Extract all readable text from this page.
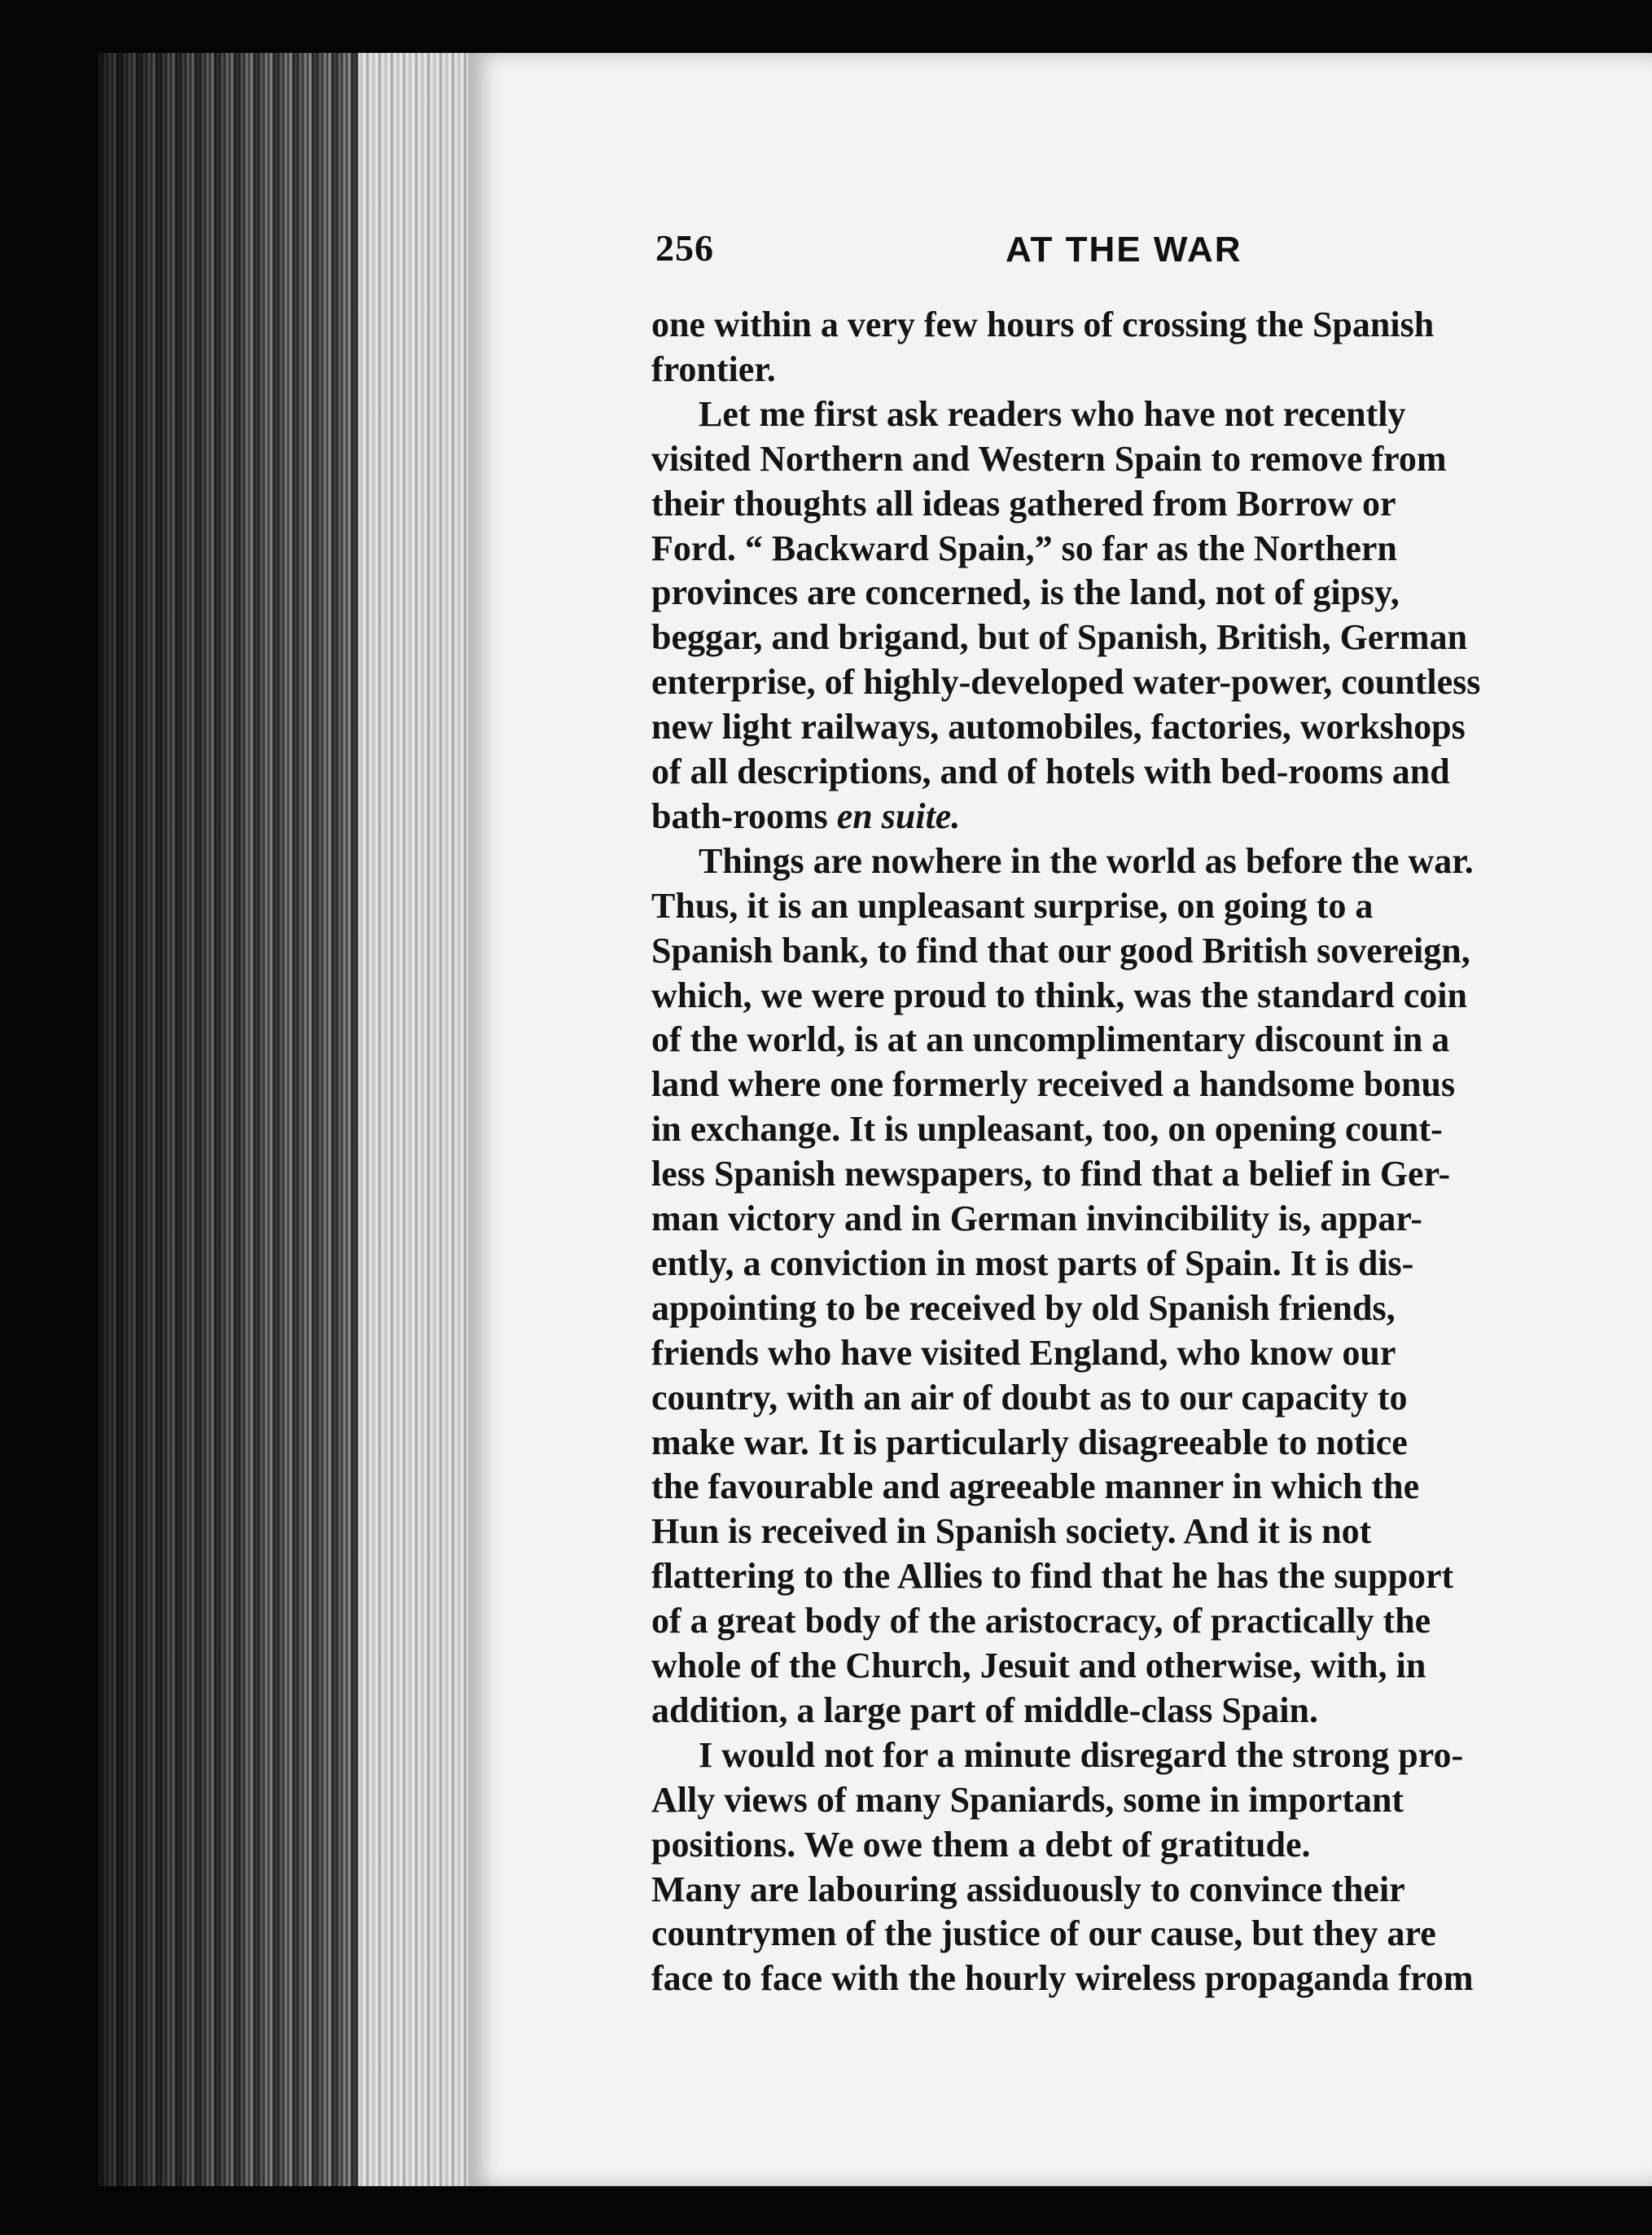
256	AT THE WAR
one within a very few hours of crossing the Spanish
frontier.
Let me first ask readers who have not recently
visited Northern and Western Spain to remove from
their thoughts all ideas gathered from Borrow or
Ford. “ Backward Spain,” so far as the Northern
provinces are concerned, is the land, not of gipsy,
beggar, and brigand, but of Spanish, British, German
enterprise, of highly-developed water-power, countless
new light railways, automobiles, factories, workshops
of all descriptions, and of hotels with bed-rooms and
bath-rooms en suite.
Things are nowhere in the world as before the war.
Thus, it is an unpleasant surprise, on going to a
Spanish bank, to find that our good British sovereign,
which, we were proud to think, was the standard coin
of the world, is at an uncomplimentary discount in a
land where one formerly received a handsome bonus
in exchange. It is unpleasant, too, on opening count-
less Spanish newspapers, to find that a belief in Ger-
man victory and in German invincibility is, appar-
ently, a conviction in most parts of Spain. It is dis-
appointing to be received by old Spanish friends,
friends who have visited England, who know our
country, with an air of doubt as to our capacity to
make war. It is particularly disagreeable to notice
the favourable and agreeable manner in which the
Hun is received in Spanish society. And it is not
flattering to the Allies to find that he has the support
of a great body of the aristocracy, of practically the
whole of the Church, Jesuit and otherwise, with, in
addition, a large part of middle-class Spain.
I would not for a minute disregard the strong pro-
Ally views of many Spaniards, some in important
positions. We owe them a debt of gratitude.
Many are labouring assiduously to convince their
countrymen of the justice of our cause, but they are
face to face with the hourly wireless propaganda from
